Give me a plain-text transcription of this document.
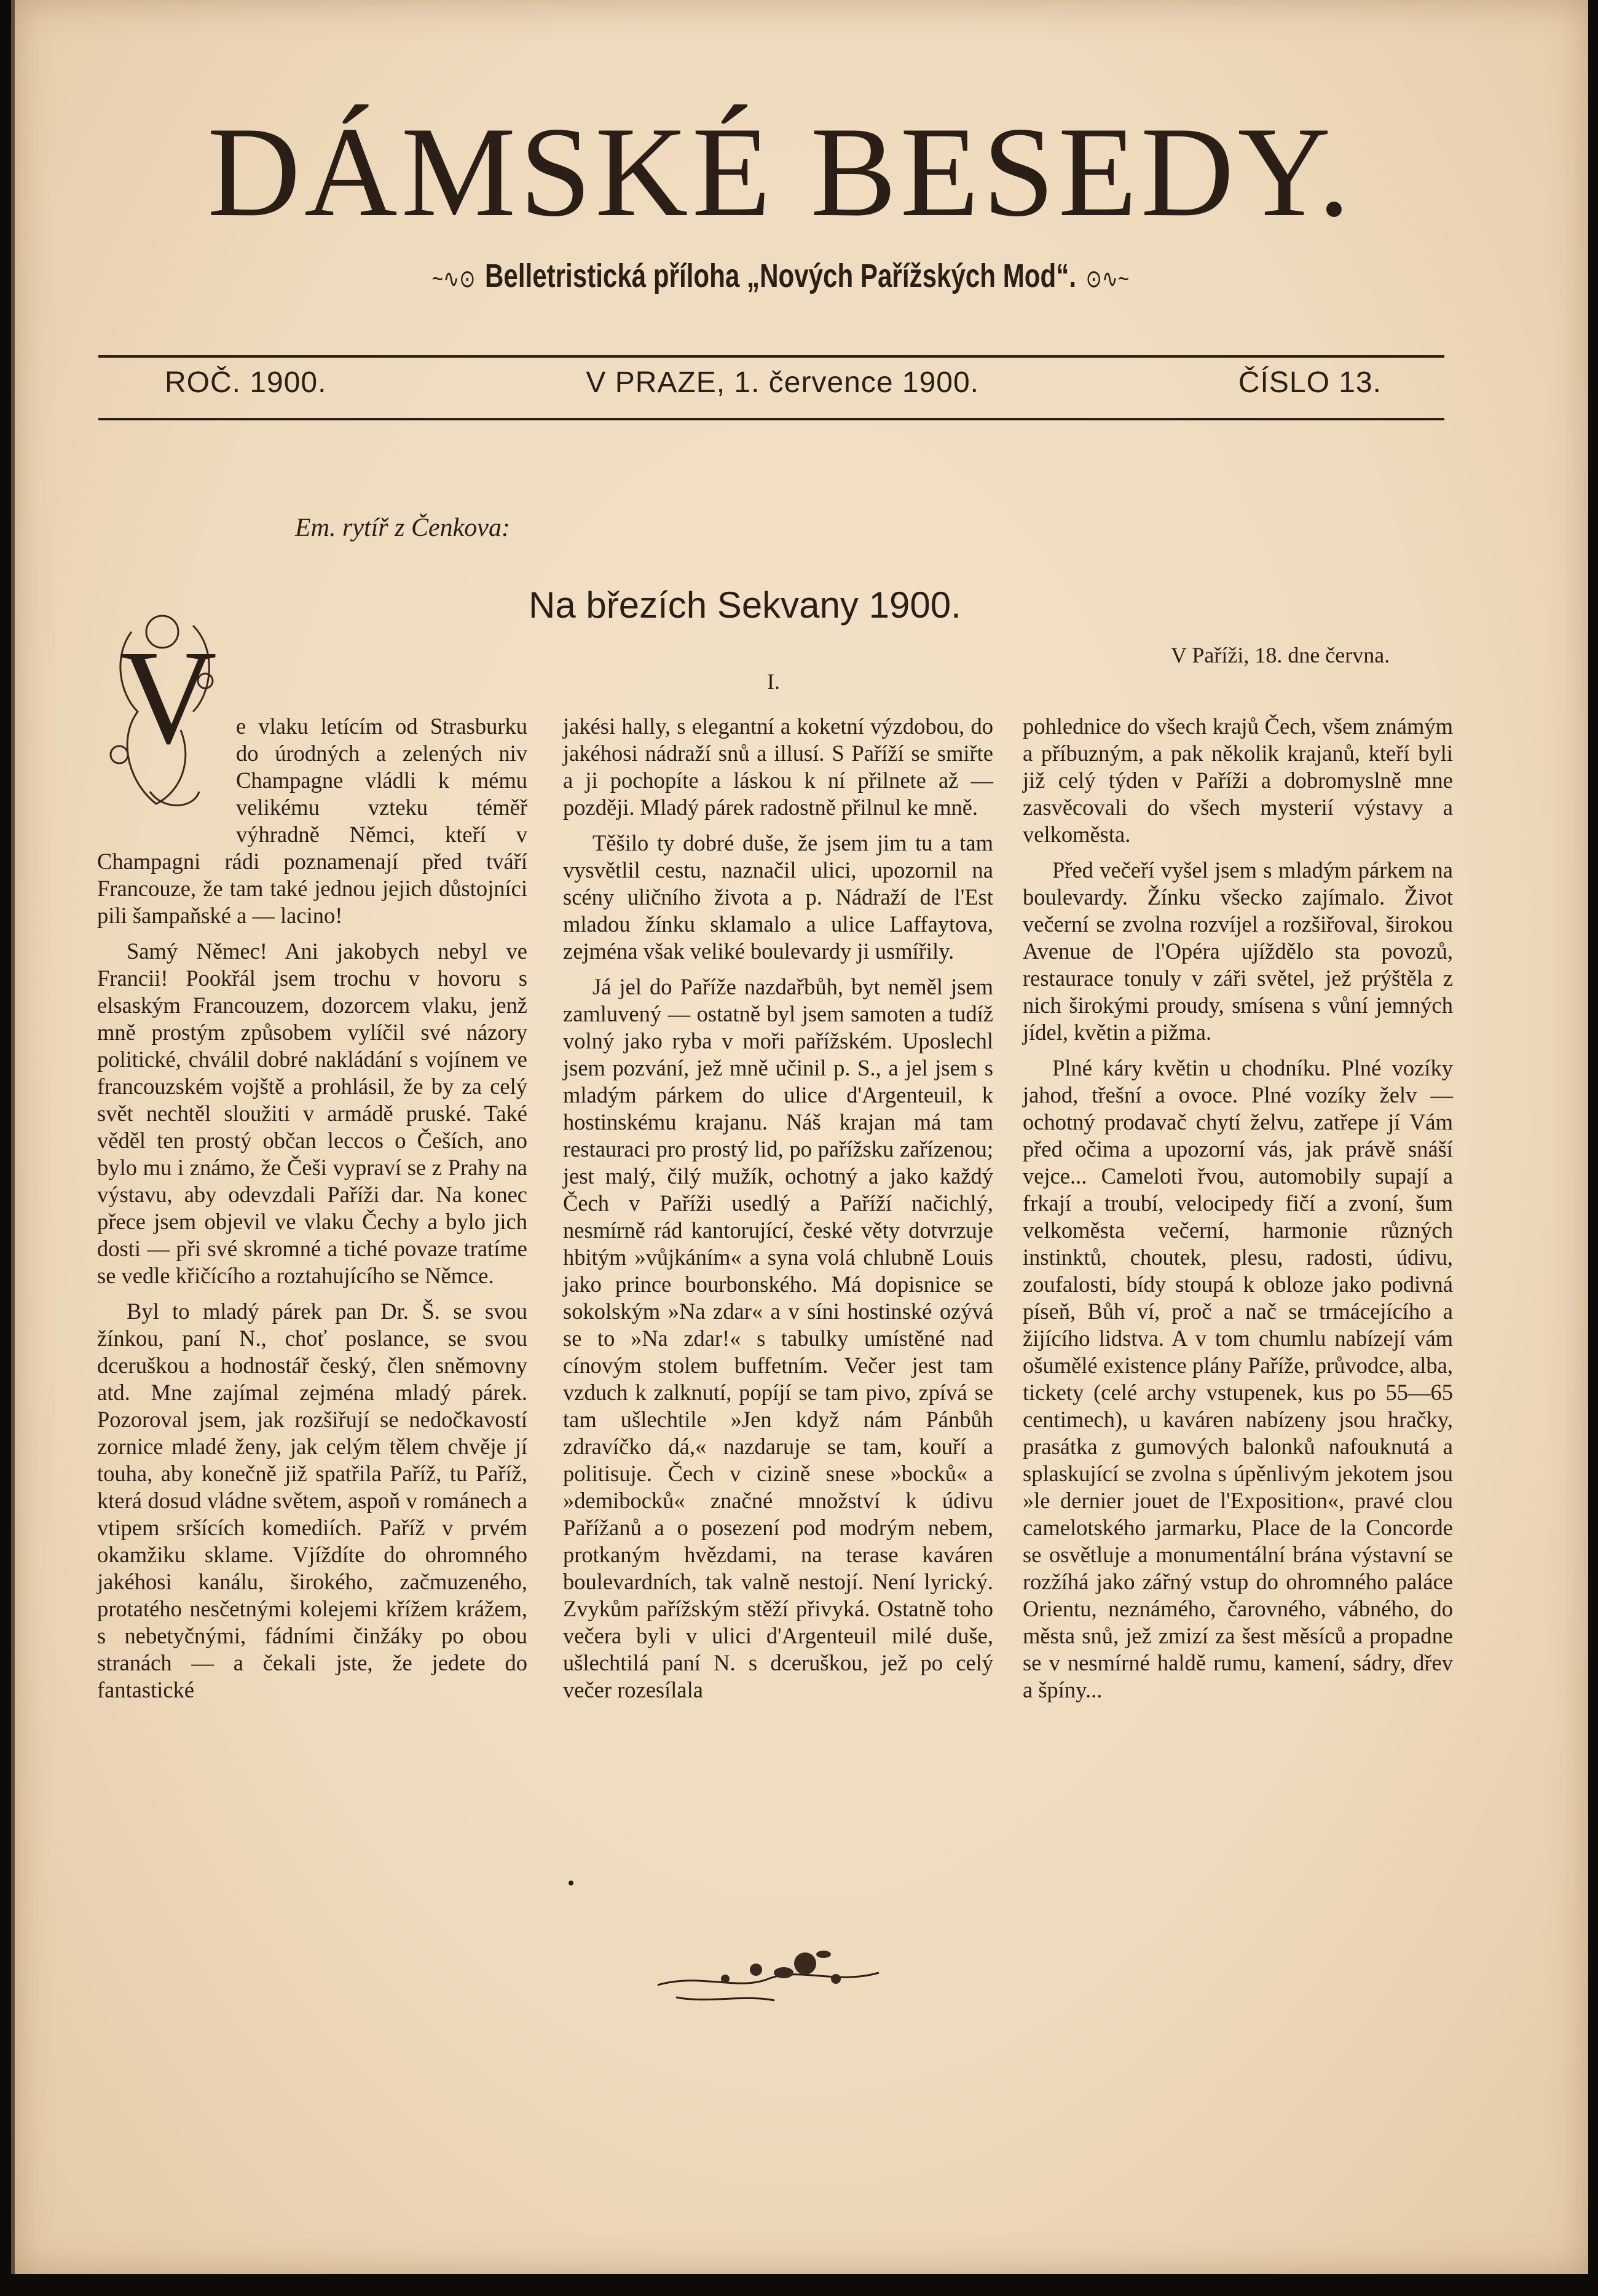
DÁMSKÉ BESEDY.
~∿⊙ Belletristická příloha „Nových Pařížských Mod“. ⊙∿~
ROČ. 1900.	V PRAZE, 1. července 1900.	ČÍSLO 13.
Em. rytíř z Čenkova:
Na březích Sekvany 1900.
V Paříži, 18. dne června.
I.

V e vlaku letícím od Strasburku do úrodných a zelených niv Champagne vládli k mému velikému vzteku téměř výhradně Němci, kteří v Champagni rádi poznamenají před tváří Francouze, že tam také jednou jejich důstojníci pili šampaňské a — lacino!

Samý Němec! Ani jakobych nebyl ve Francii! Pookřál jsem trochu v hovoru s elsaským Francouzem, dozorcem vlaku, jenž mně prostým způsobem vylíčil své názory politické, chválil dobré nakládání s vojínem ve francouzském vojště a prohlásil, že by za celý svět nechtěl sloužiti v armádě pruské. Také věděl ten prostý občan leccos o Češích, ano bylo mu i známo, že Češi vypraví se z Prahy na výstavu, aby odevzdali Paříži dar. Na konec přece jsem objevil ve vlaku Čechy a bylo jich dosti — při své skromné a tiché povaze tratíme se vedle křičícího a roztahujícího se Němce.

Byl to mladý párek pan Dr. Š. se svou žínkou, paní N., choť poslance, se svou dceruškou a hodnostář český, člen sněmovny atd. Mne zajímal zejména mladý párek. Pozoroval jsem, jak rozšiřují se nedočkavostí zornice mladé ženy, jak celým tělem chvěje jí touha, aby konečně již spatřila Paříž, tu Paříž, která dosud vládne světem, aspoň v románech a vtipem sršících komediích. Paříž v prvém okamžiku sklame. Vjíždíte do ohromného jakéhosi kanálu, širokého, začmuzeného, protatého nesčetnými kolejemi křížem krážem, s nebetyčnými, fádními činžáky po obou stranách — a čekali jste, že jedete do fantastické

jakési hally, s elegantní a koketní výzdobou, do jakéhosi nádraží snů a illusí. S Paříží se smiřte a ji pochopíte a láskou k ní přilnete až — později. Mladý párek radostně přilnul ke mně.

Těšilo ty dobré duše, že jsem jim tu a tam vysvětlil cestu, naznačil ulici, upozornil na scény uličního života a p. Nádraží de l'Est mladou žínku sklamalo a ulice Laffaytova, zejména však veliké boulevardy ji usmířily.

Já jel do Paříže nazdařbůh, byt neměl jsem zamluvený — ostatně byl jsem samoten a tudíž volný jako ryba v moři pařížském. Uposlechl jsem pozvání, jež mně učinil p. S., a jel jsem s mladým párkem do ulice d'Argenteuil, k hostinskému krajanu. Náš krajan má tam restauraci pro prostý lid, po pařížsku zařízenou; jest malý, čilý mužík, ochotný a jako každý Čech v Paříži usedlý a Paříží načichlý, nesmírně rád kantorující, české věty dotvrzuje hbitým »vůjkáním« a syna volá chlubně Louis jako prince bourbonského. Má dopisnice se sokolským »Na zdar« a v síni hostinské ozývá se to »Na zdar!« s tabulky umístěné nad cínovým stolem buffetním. Večer jest tam vzduch k zalknutí, popíjí se tam pivo, zpívá se tam ušlechtile »Jen když nám Pánbůh zdravíčko dá,« nazdaruje se tam, kouří a politisuje. Čech v cizině snese »bocků« a »demibocků« značné množství k údivu Pařížanů a o posezení pod modrým nebem, protkaným hvězdami, na terase kaváren boulevardních, tak valně nestojí. Není lyrický. Zvykům pařížským stěží přivyká. Ostatně toho večera byli v ulici d'Argenteuil milé duše, ušlechtilá paní N. s dceruškou, jež po celý večer rozesílala

pohlednice do všech krajů Čech, všem známým a příbuzným, a pak několik krajanů, kteří byli již celý týden v Paříži a dobromyslně mne zasvěcovali do všech mysterií výstavy a velkoměsta.

Před večeří vyšel jsem s mladým párkem na boulevardy. Žínku všecko zajímalo. Život večerní se zvolna rozvíjel a rozšiřoval, širokou Avenue de l'Opéra ujíždělo sta povozů, restaurace tonuly v záři světel, jež prýštěla z nich širokými proudy, smísena s vůní jemných jídel, květin a pižma.

Plné káry květin u chodníku. Plné vozíky jahod, třešní a ovoce. Plné vozíky želv — ochotný prodavač chytí želvu, zatřepe jí Vám před očima a upozorní vás, jak právě snáší vejce... Cameloti řvou, automobily supají a frkají a troubí, velocipedy fičí a zvoní, šum velkoměsta večerní, harmonie různých instinktů, choutek, plesu, radosti, údivu, zoufalosti, bídy stoupá k obloze jako podivná píseň, Bůh ví, proč a nač se trmácejícího a žijícího lidstva. A v tom chumlu nabízejí vám ošumělé existence plány Paříže, průvodce, alba, tickety (celé archy vstupenek, kus po 55—65 centimech), u kaváren nabízeny jsou hračky, prasátka z gumových balonků nafouknutá a splaskující se zvolna s úpěnlivým jekotem jsou »le dernier jouet de l'Exposition«, pravé clou camelotského jarmarku, Place de la Concorde se osvětluje a monumentální brána výstavní se rozžíhá jako zářný vstup do ohromného paláce Orientu, neznámého, čarovného, vábného, do města snů, jež zmizí za šest měsíců a propadne se v nesmírné haldě rumu, kamení, sádry, dřev a špíny...
